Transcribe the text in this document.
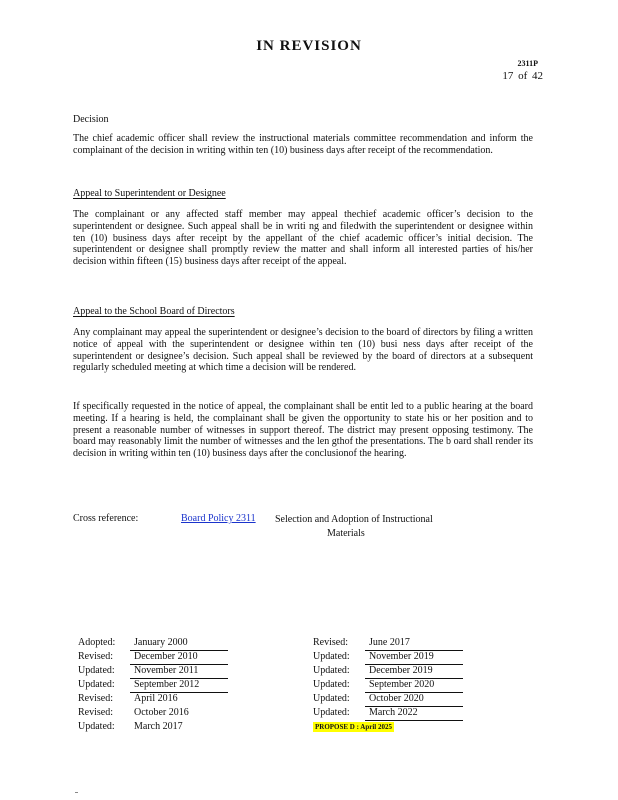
IN REVISION
2311P
17 of 42
Decision
The chief academic officer shall review the instructional materials committee recommendation and inform the complainant of the decision in writing within ten (10) business days after receipt of the recommendation.
Appeal to Superintendent or Designee
The complainant or any affected staff member may appeal thechief academic officer’s decision to the superintendent or designee. Such appeal shall be in writi ng and filedwith the superintendent or designee within ten (10) business days after receipt by the appellant of the chief academic officer’s initial decision. The superintendent or designee shall promptly review the matter and shall inform all interested parties of his/her decision within fifteen (15) business days after receipt of the appeal.
Appeal to the School Board of Directors
Any complainant may appeal the superintendent or designee’s decision to the board of directors by filing a written notice of appeal with the superintendent or designee within ten (10) busi ness days after receipt of the superintendent or designee’s decision. Such appeal shall be reviewed by the board of directors at a subsequent regularly scheduled meeting at which time a decision will be rendered.
If specifically requested in the notice of appeal, the complainant shall be entit led to a public hearing at the board meeting. If a hearing is held, the complainant shall be given the opportunity to state his or her position and to present a reasonable number of witnesses in support thereof. The district may present opposing testimony. The board may reasonably limit the number of witnesses and the len gthof the presentations. The b oard shall render its decision in writing within ten (10) business days after the conclusionof the hearing.
Cross reference:	Board Policy 2311 Selection and Adoption of Instructional
Materials
Adopted: January 2000
Revised: December 2010
Updated: November 2011
Updated: September 2012
Revised: April 2016
Revised: October 2016
Updated: March 2017
Revised: June 2017
Updated: November 2019
Updated: December 2019
Updated: September 2020
Updated: October 2020
Updated: March 2022
PROPOSE D : April 2025
